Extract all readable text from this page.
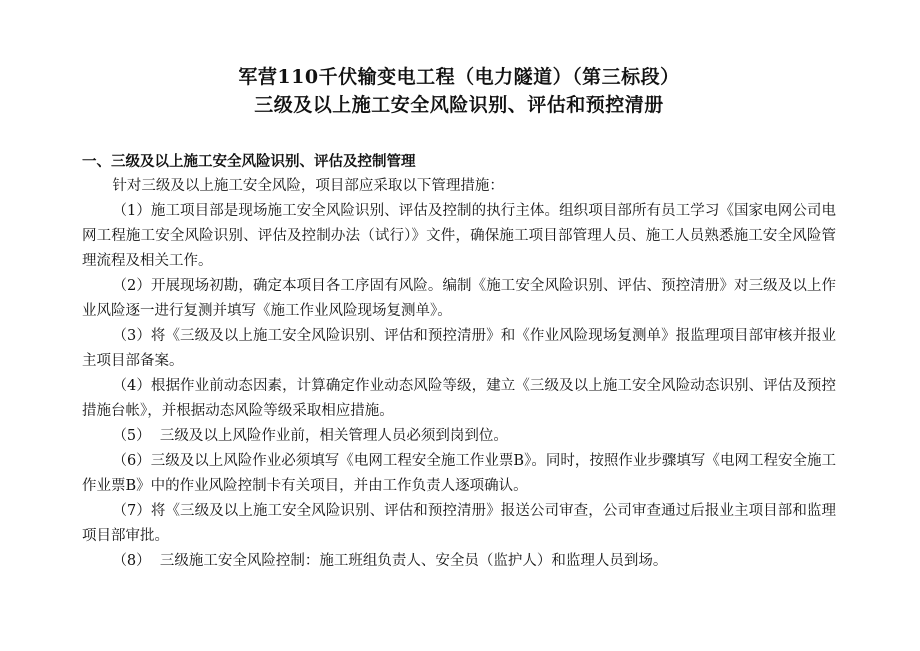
军营110千伏输变电工程（电力隧道）（第三标段）
三级及以上施工安全风险识别、评估和预控清册
一、三级及以上施工安全风险识别、评估及控制管理

针对三级及以上施工安全风险，项目部应采取以下管理措施：

（1）施工项目部是现场施工安全风险识别、评估及控制的执行主体。组织项目部所有员工学习《国家电网公司电网工程施工安全风险识别、评估及控制办法（试行）》文件，确保施工项目部管理人员、施工人员熟悉施工安全风险管理流程及相关工作。

（2）开展现场初勘，确定本项目各工序固有风险。编制《施工安全风险识别、评估、预控清册》对三级及以上作业风险逐一进行复测并填写《施工作业风险现场复测单》。

（3）将《三级及以上施工安全风险识别、评估和预控清册》和《作业风险现场复测单》报监理项目部审核并报业主项目部备案。

（4）根据作业前动态因素，计算确定作业动态风险等级，建立《三级及以上施工安全风险动态识别、评估及预控措施台帐》，并根据动态风险等级采取相应措施。

（5）  三级及以上风险作业前，相关管理人员必须到岗到位。

（6）三级及以上风险作业必须填写《电网工程安全施工作业票B》。同时，按照作业步骤填写《电网工程安全施工作业票B》中的作业风险控制卡有关项目，并由工作负责人逐项确认。

（7）将《三级及以上施工安全风险识别、评估和预控清册》报送公司审查，公司审查通过后报业主项目部和监理项目部审批。

（8）  三级施工安全风险控制：施工班组负责人、安全员（监护人）和监理人员到场。
